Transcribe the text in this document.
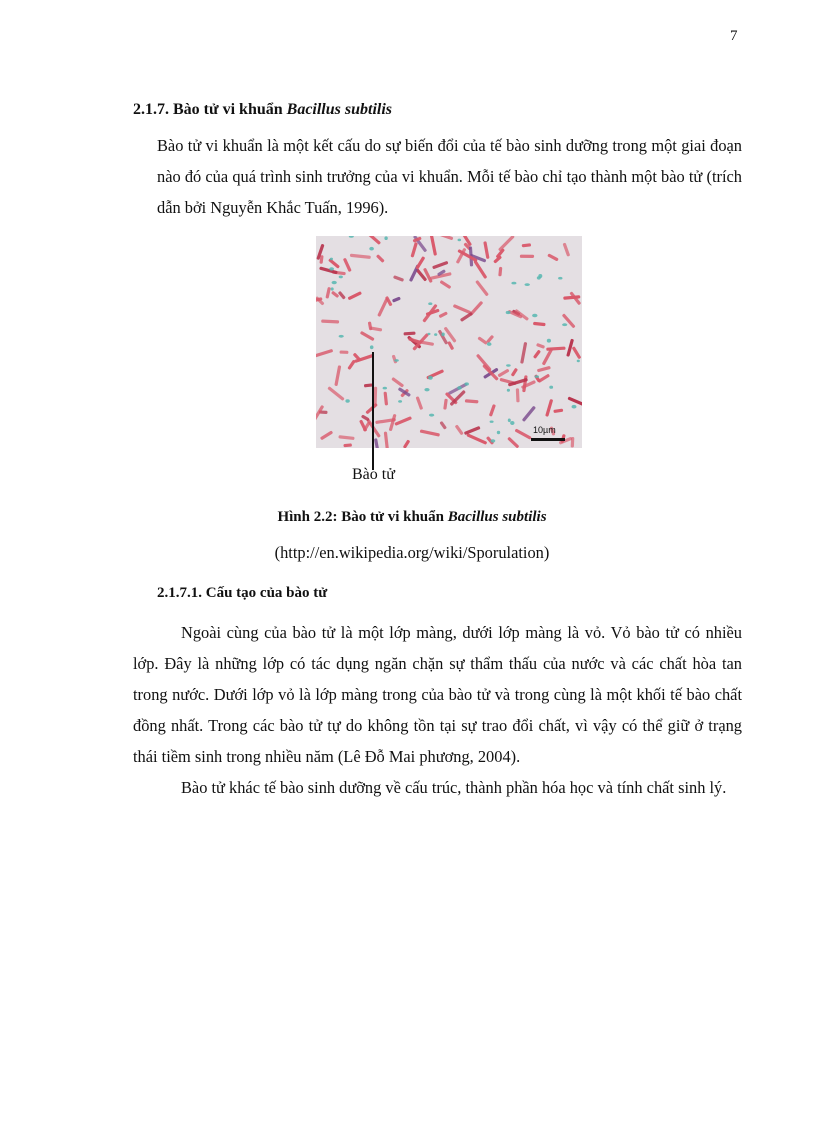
7
2.1.7. Bào tử vi khuẩn Bacillus subtilis

Bào tử vi khuẩn là một kết cấu do sự biến đổi của tế bào sinh dưỡng trong một giai đoạn nào đó của quá trình sinh trưởng của vi khuẩn. Mỗi tế bào chỉ tạo thành một bào tử (trích dẫn bởi Nguyễn Khắc Tuấn, 1996).

10µm
Bào tử
Hình 2.2: Bào tử vi khuẩn Bacillus subtilis
(http://en.wikipedia.org/wiki/Sporulation)
2.1.7.1. Cấu tạo của bào tử

Ngoài cùng của bào tử là một lớp màng, dưới lớp màng là vỏ. Vỏ bào tử có nhiều lớp. Đây là những lớp có tác dụng ngăn chặn sự thẩm thấu của nước và các chất hòa tan trong nước. Dưới lớp vỏ là lớp màng trong của bào tử và trong cùng là một khối tế bào chất đồng nhất. Trong các bào tử tự do không tồn tại sự trao đổi chất, vì vậy có thể giữ ở trạng thái tiềm sinh trong nhiều năm (Lê Đỗ Mai phương, 2004).

Bào tử khác tế bào sinh dưỡng về cấu trúc, thành phần hóa học và tính chất sinh lý.
